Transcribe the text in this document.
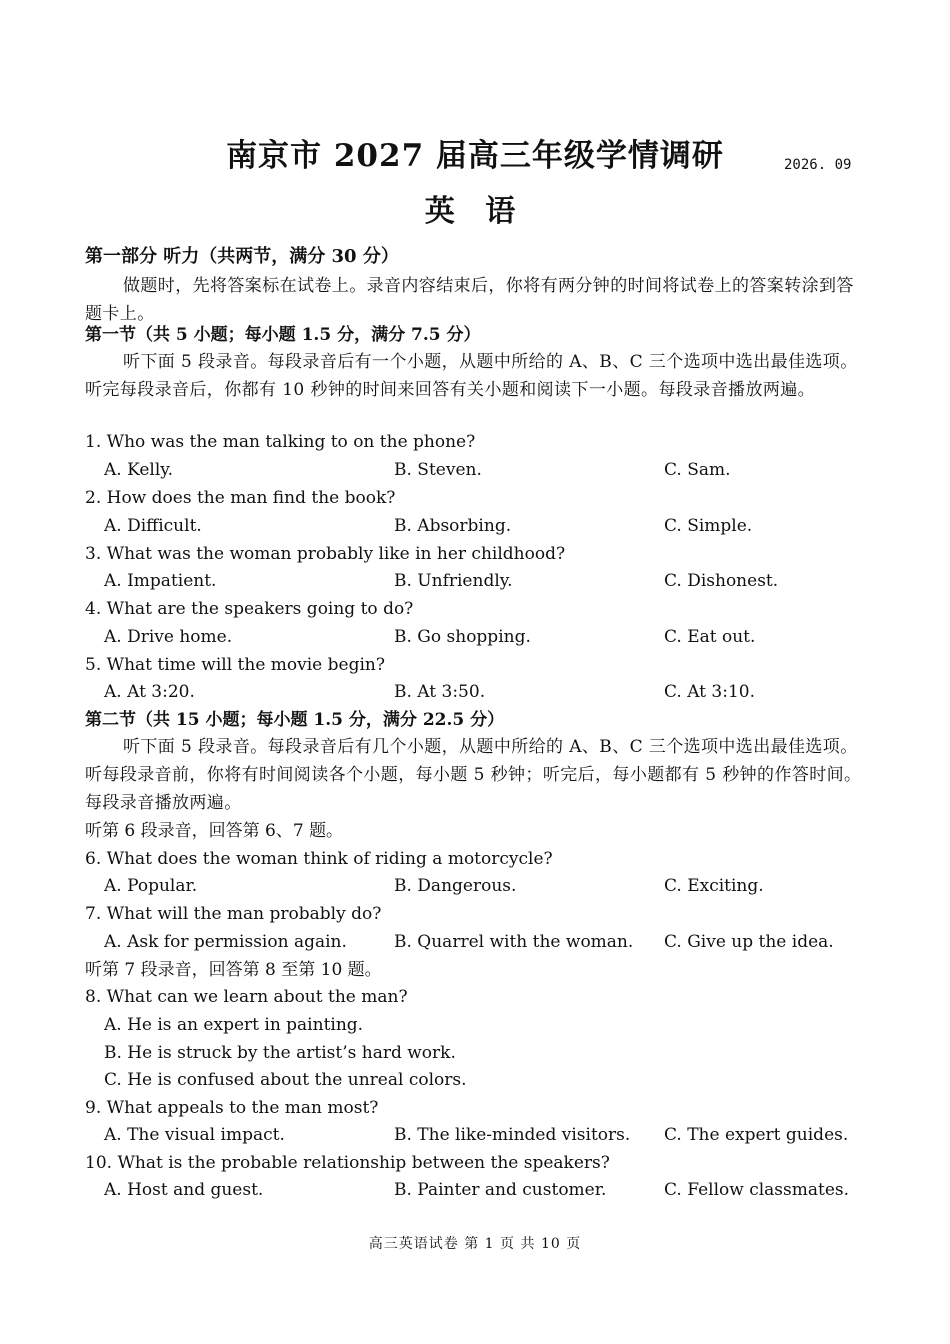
南京市 2027 届高三年级学情调研	2026. 09
英 语
第一部分 听力（共两节，满分 30 分）
做题时，先将答案标在试卷上。录音内容结束后，你将有两分钟的时间将试卷上的答案转涂到答题卡上。
第一节（共 5 小题；每小题 1.5 分，满分 7.5 分）
听下面 5 段录音。每段录音后有一个小题，从题中所给的 A、B、C 三个选项中选出最佳选项。听完每段录音后，你都有 10 秒钟的时间来回答有关小题和阅读下一小题。每段录音播放两遍。
1. Who was the man talking to on the phone?
A. Kelly.	B. Steven.	C. Sam.
2. How does the man find the book?
A. Difficult.	B. Absorbing.	C. Simple.
3. What was the woman probably like in her childhood?
A. Impatient.	B. Unfriendly.	C. Dishonest.
4. What are the speakers going to do?
A. Drive home.	B. Go shopping.	C. Eat out.
5. What time will the movie begin?
A. At 3:20.	B. At 3:50.	C. At 3:10.
第二节（共 15 小题；每小题 1.5 分，满分 22.5 分）
听下面 5 段录音。每段录音后有几个小题，从题中所给的 A、B、C 三个选项中选出最佳选项。听每段录音前，你将有时间阅读各个小题，每小题 5 秒钟；听完后，每小题都有 5 秒钟的作答时间。每段录音播放两遍。
听第 6 段录音，回答第 6、7 题。
6. What does the woman think of riding a motorcycle?
A. Popular.	B. Dangerous.	C. Exciting.
7. What will the man probably do?
A. Ask for permission again.	B. Quarrel with the woman. C. Give up the idea.
听第 7 段录音，回答第 8 至第 10 题。
8. What can we learn about the man?
A. He is an expert in painting.
B. He is struck by the artist’s hard work.
C. He is confused about the unreal colors.
9. What appeals to the man most?
A. The visual impact.	B. The like-minded visitors. C. The expert guides.
10. What is the probable relationship between the speakers?
A. Host and guest.	B. Painter and customer.	C. Fellow classmates.
高三英语试卷 第 1 页 共 10 页
